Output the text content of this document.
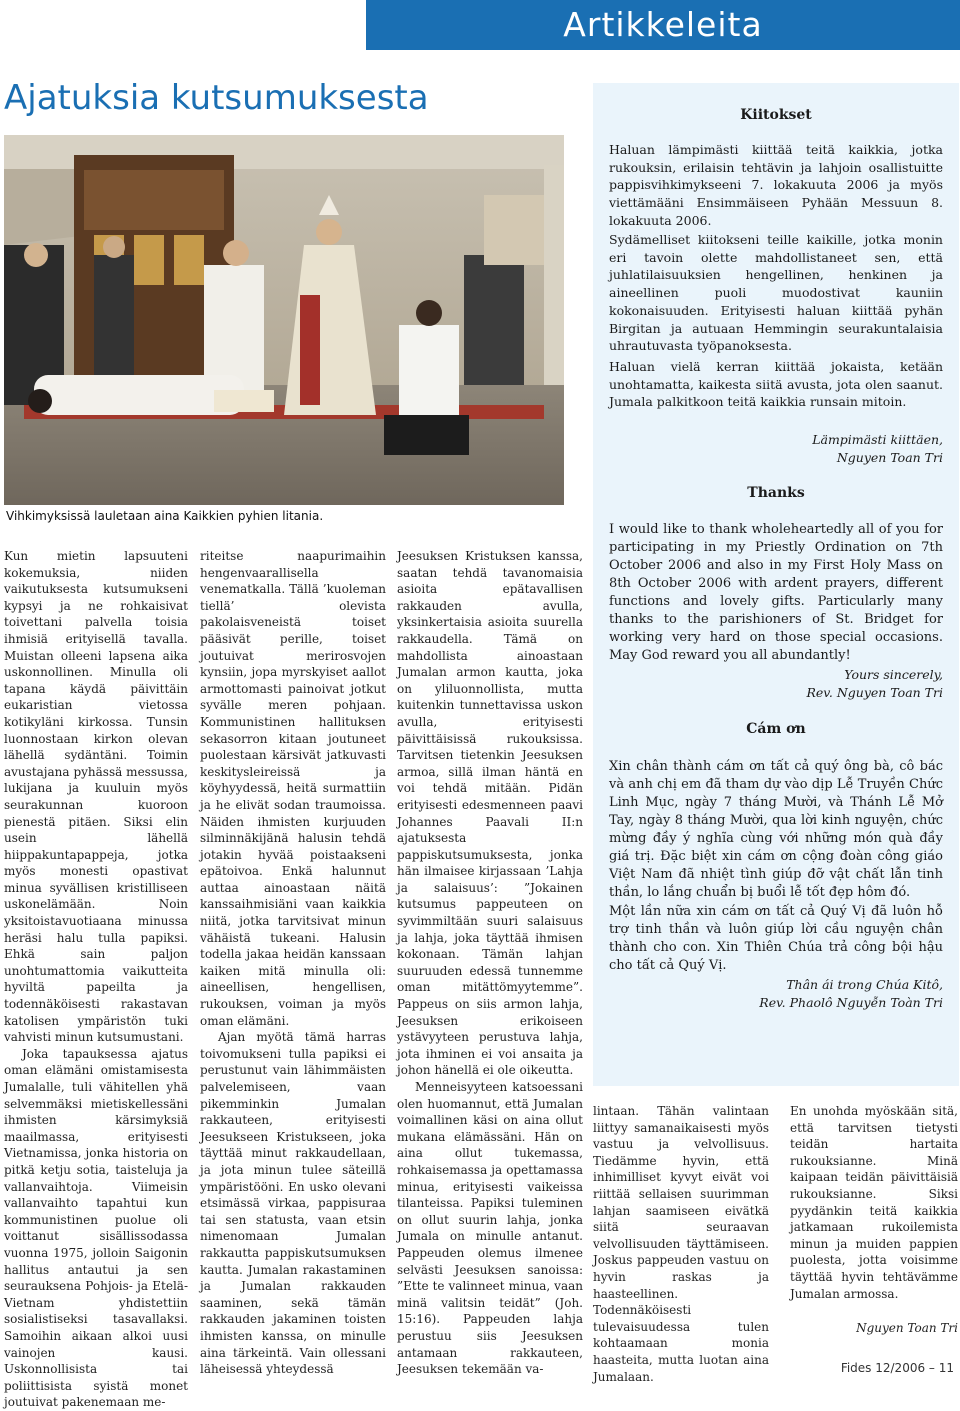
Artikkeleita
Ajatuksia kutsumuksesta
Vihkimyksissä lauletaan aina Kaikkien pyhien litania.

Kun mietin lapsuuteni kokemuksia, niiden vaikutuksesta kutsumukseni kypsyi ja ne rohkaisivat toivettani palvella toisia ihmisiä erityisellä tavalla. Muistan olleeni lapsena aika uskonnollinen. Minulla oli tapana käydä päivittäin eukaristian vietossa kotikyläni kirkossa. Tunsin luonnostaan kirkon olevan lähellä sydäntäni. Toimin avustajana pyhässä messussa, lukijana ja kuuluin myös seurakunnan kuoroon pienestä pitäen. Siksi elin usein lähellä hiippakuntapappeja, jotka myös monesti opastivat minua syvällisen kristilliseen uskonelämään. Noin yksitoistavuotiaana minussa heräsi halu tulla papiksi. Ehkä sain paljon unohtumattomia vaikutteita hyviltä papeilta ja todennäköisesti rakastavan katolisen ympäristön tuki vahvisti minun kutsumustani.

Joka tapauksessa ajatus oman elämäni omistamisesta Jumalalle, tuli vähitellen yhä selvemmäksi mietiskellessäni ihmisten kärsimyksiä maailmassa, erityisesti Vietnamissa, jonka historia on pitkä ketju sotia, taisteluja ja vallanvaihtoja. Viimeisin vallanvaihto tapahtui kun kommunistinen puolue oli voittanut sisällissodassa vuonna 1975, jolloin Saigonin hallitus antautui ja sen seurauksena Pohjois- ja Etelä-Vietnam yhdistettiin sosialistiseksi tasavallaksi. Samoihin aikaan alkoi uusi vainojen kausi. Uskonnollisista tai poliittisista syistä monet joutuivat pakenemaan me-

riteitse naapurimaihin hengenvaarallisella venematkalla. Tällä ’kuoleman tiellä’ olevista pakolaisveneistä toiset pääsivät perille, toiset joutuivat merirosvojen kynsiin, jopa myrskyiset aallot armottomasti painoivat jotkut syvälle meren pohjaan. Kommunistinen hallituksen sekasorron kitaan joutuneet puolestaan kärsivät jatkuvasti keskitysleireissä ja köyhyydessä, heitä surmattiin ja he elivät sodan traumoissa. Näiden ihmisten kurjuuden silminnäkijänä halusin tehdä jotakin hyvää poistaakseni epätoivoa. Enkä halunnut auttaa ainoastaan näitä kanssaihmisiäni vaan kaikkia niitä, jotka tarvitsivat minun vähäistä tukeani. Halusin todella jakaa heidän kanssaan kaiken mitä minulla oli: aineellisen, hengellisen, rukouksen, voiman ja myös oman elämäni.

Ajan myötä tämä harras toivomukseni tulla papiksi ei perustunut vain lähimmäisten palvelemiseen, vaan pikemminkin Jumalan rakkauteen, erityisesti Jeesukseen Kristukseen, joka täyttää minut rakkaudellaan, ja jota minun tulee säteillä ympäristööni. En usko olevani etsimässä virkaa, pappisuraa tai sen statusta, vaan etsin nimenomaan Jumalan rakkautta pappiskutsumuksen kautta. Jumalan rakastaminen ja Jumalan rakkauden saaminen, sekä tämän rakkauden jakaminen toisten ihmisten kanssa, on minulle aina tärkeintä. Vain ollessani läheisessä yhteydessä

Jeesuksen Kristuksen kanssa, saatan tehdä tavanomaisia asioita epätavallisen rakkauden avulla, yksinkertaisia asioita suurella rakkaudella. Tämä on mahdollista ainoastaan Jumalan armon kautta, joka on yliluonnollista, mutta kuitenkin tunnettavissa uskon avulla, erityisesti päivittäisissä rukouksissa. Tarvitsen tietenkin Jeesuksen armoa, sillä ilman häntä en voi tehdä mitään. Pidän erityisesti edesmenneen paavi Johannes Paavali II:n ajatuksesta pappiskutsumuksesta, jonka hän ilmaisee kirjassaan ’Lahja ja salaisuus’: ”Jokainen kutsumus pappeuteen on syvimmiltään suuri salaisuus ja lahja, joka täyttää ihmisen kokonaan. Tämän lahjan suuruuden edessä tunnemme oman mitättömyytemme”. Pappeus on siis armon lahja, Jeesuksen erikoiseen ystävyyteen perustuva lahja, jota ihminen ei voi ansaita ja johon hänellä ei ole oikeutta.

Menneisyyteen katsoessani olen huomannut, että Jumalan voimallinen käsi on aina ollut mukana elämässäni. Hän on aina ollut tukemassa, rohkaisemassa ja opettamassa minua, erityisesti vaikeissa tilanteissa. Papiksi tuleminen on ollut suurin lahja, jonka Jumala on minulle antanut. Pappeuden olemus ilmenee selvästi Jeesuksen sanoissa: ”Ette te valinneet minua, vaan minä valitsin teidät” (Joh. 15:16). Pappeuden lahja perustuu siis Jeesuksen antamaan rakkauteen, Jeesuksen tekemään va-

lintaan. Tähän valintaan liittyy samanaikaisesti myös vastuu ja velvollisuus. Tiedämme hyvin, että inhimilliset kyvyt eivät voi riittää sellaisen suurimman lahjan saamiseen eivätkä siitä seuraavan velvollisuuden täyttämiseen. Joskus pappeuden vastuu on hyvin raskas ja haasteellinen. Todennäköisesti tulevaisuudessa tulen kohtaamaan monia haasteita, mutta luotan aina Jumalaan.

En unohda myöskään sitä, että tarvitsen tietysti teidän hartaita rukouksianne. Minä kaipaan teidän päivittäisiä rukouksianne. Siksi pyydänkin teitä kaikkia jatkamaan rukoilemista minun ja muiden pappien puolesta, jotta voisimme täyttää hyvin tehtävämme Jumalan armossa.

Nguyen Toan Tri

Kiitokset

Haluan lämpimästi kiittää teitä kaikkia, jotka rukouksin, erilaisin tehtävin ja lahjoin osallistuitte pappisvihkimykseeni 7. lokakuuta 2006 ja myös viettämääni Ensimmäiseen Pyhään Messuun 8. lokakuuta 2006.

Sydämelliset kiitokseni teille kaikille, jotka monin eri tavoin olette mahdollistaneet sen, että juhlatilaisuuksien hengellinen, henkinen ja aineellinen puoli muodostivat kauniin kokonaisuuden. Erityisesti haluan kiittää pyhän Birgitan ja autuaan Hemmingin seurakuntalaisia uhrautuvasta työpanoksesta.

Haluan vielä kerran kiittää jokaista, ketään unohtamatta, kaikesta siitä avusta, jota olen saanut. Jumala palkitkoon teitä kaikkia runsain mitoin.

Lämpimästi kiittäen,
Nguyen Toan Tri
Thanks

I would like to thank wholeheartedly all of you for participating in my Priestly Ordination on 7th October 2006 and also in my First Holy Mass on 8th October 2006 with ardent prayers, different functions and lovely gifts. Particularly many thanks to the parishioners of St. Bridget for working very hard on those special occasions. May God reward you all abundantly!

Yours sincerely,
Rev. Nguyen Toan Tri
Cám ơn

Xin chân thành cám ơn tất cả quý ông bà, cô bác và anh chị em đã tham dự vào dịp Lễ Truyền Chức Linh Mục, ngày 7 tháng Mười, và Thánh Lễ Mở Tay, ngày 8 tháng Mười, qua lời kinh nguyện, chức mừng đầy ý nghĩa cùng với những món quà đầy giá trị. Đặc biệt xin cám ơn cộng đoàn công giáo Việt Nam đã nhiệt tình giúp đỡ vật chất lẫn tinh thần, lo lắng chuẩn bị buổi lễ tốt đẹp hôm đó.

Một lần nữa xin cám ơn tất cả Quý Vị đã luôn hỗ trợ tinh thần và luôn giúp lời cầu nguyện chân thành cho con. Xin Thiên Chúa trả công bội hậu cho tất cả Quý Vị.

Thân ái trong Chúa Kitô,
Rev. Phaolô Nguyễn Toàn Tri
Fides 12/2006 – 11
